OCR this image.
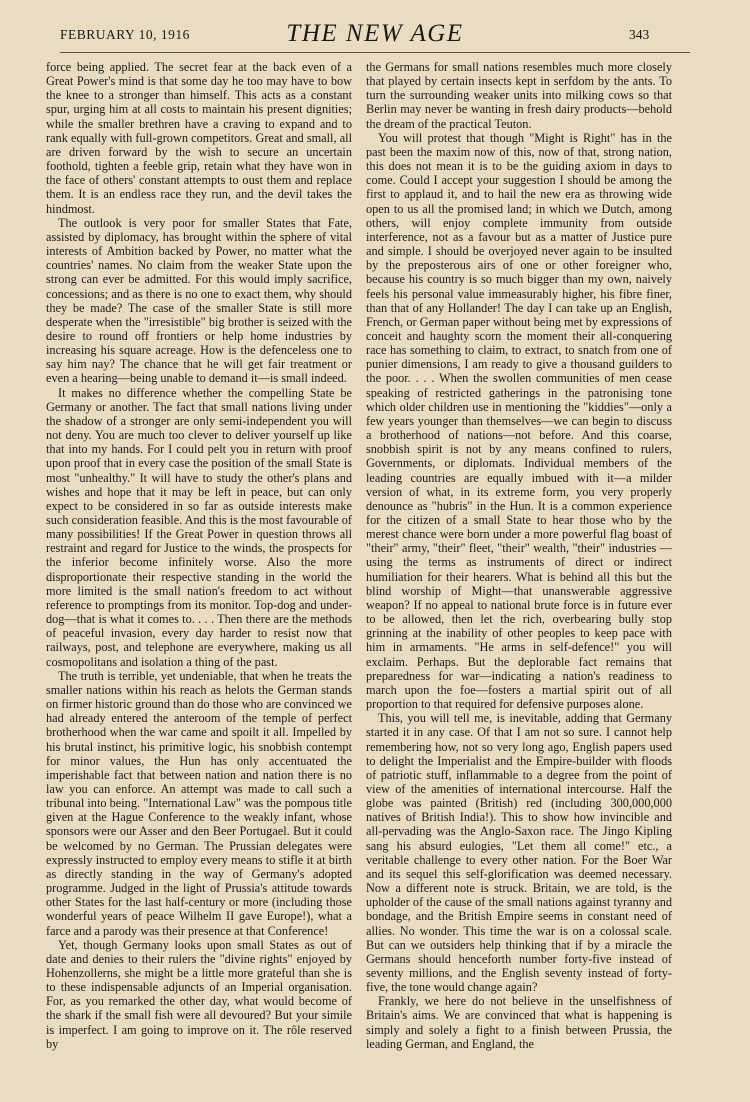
FEBRUARY 10, 1916	THE NEW AGE	343

force being applied. The secret fear at the back even of a Great Power's mind is that some day he too may have to bow the knee to a stronger than himself. This acts as a constant spur, urging him at all costs to maintain his present dignities; while the smaller brethren have a craving to expand and to rank equally with full-grown competitors. Great and small, all are driven forward by the wish to secure an uncertain foothold, tighten a feeble grip, retain what they have won in the face of others' constant attempts to oust them and replace them. It is an endless race they run, and the devil takes the hindmost.

The outlook is very poor for smaller States that Fate, assisted by diplomacy, has brought within the sphere of vital interests of Ambition backed by Power, no matter what the countries' names. No claim from the weaker State upon the strong can ever be admitted. For this would imply sacrifice, concessions; and as there is no one to exact them, why should they be made? The case of the smaller State is still more desperate when the "irresistible" big brother is seized with the desire to round off frontiers or help home industries by increasing his square acreage. How is the defenceless one to say him nay? The chance that he will get fair treatment or even a hearing—being unable to demand it—is small indeed.

It makes no difference whether the compelling State be Germany or another. The fact that small nations living under the shadow of a stronger are only semi-independent you will not deny. You are much too clever to deliver yourself up like that into my hands. For I could pelt you in return with proof upon proof that in every case the position of the small State is most "unhealthy." It will have to study the other's plans and wishes and hope that it may be left in peace, but can only expect to be considered in so far as outside interests make such consideration feasible. And this is the most favourable of many possibilities! If the Great Power in question throws all restraint and regard for Justice to the winds, the prospects for the inferior become infinitely worse. Also the more disproportionate their respective standing in the world the more limited is the small nation's freedom to act without reference to promptings from its monitor. Top-dog and under-dog—that is what it comes to. . . . Then there are the methods of peaceful invasion, every day harder to resist now that railways, post, and telephone are everywhere, making us all cosmopolitans and isolation a thing of the past.

The truth is terrible, yet undeniable, that when he treats the smaller nations within his reach as helots the German stands on firmer historic ground than do those who are convinced we had already entered the anteroom of the temple of perfect brotherhood when the war came and spoilt it all. Impelled by his brutal instinct, his primitive logic, his snobbish contempt for minor values, the Hun has only accentuated the imperishable fact that between nation and nation there is no law you can enforce. An attempt was made to call such a tribunal into being. "International Law" was the pompous title given at the Hague Conference to the weakly infant, whose sponsors were our Asser and den Beer Portugael. But it could be welcomed by no German. The Prussian delegates were expressly instructed to employ every means to stifle it at birth as directly standing in the way of Germany's adopted programme. Judged in the light of Prussia's attitude towards other States for the last half-century or more (including those wonderful years of peace Wilhelm II gave Europe!), what a farce and a parody was their presence at that Conference!

Yet, though Germany looks upon small States as out of date and denies to their rulers the "divine rights" enjoyed by Hohenzollerns, she might be a little more grateful than she is to these indispensable adjuncts of an Imperial organisation. For, as you remarked the other day, what would become of the shark if the small fish were all devoured? But your simile is imperfect. I am going to improve on it. The rôle reserved by

the Germans for small nations resembles much more closely that played by certain insects kept in serfdom by the ants. To turn the surrounding weaker units into milking cows so that Berlin may never be wanting in fresh dairy products—behold the dream of the practical Teuton.

You will protest that though "Might is Right" has in the past been the maxim now of this, now of that, strong nation, this does not mean it is to be the guiding axiom in days to come. Could I accept your suggestion I should be among the first to applaud it, and to hail the new era as throwing wide open to us all the promised land; in which we Dutch, among others, will enjoy complete immunity from outside interference, not as a favour but as a matter of Justice pure and simple. I should be overjoyed never again to be insulted by the preposterous airs of one or other foreigner who, because his country is so much bigger than my own, naively feels his personal value immeasurably higher, his fibre finer, than that of any Hollander! The day I can take up an English, French, or German paper without being met by expressions of conceit and haughty scorn the moment their all-conquering race has something to claim, to extract, to snatch from one of punier dimensions, I am ready to give a thousand guilders to the poor. . . . When the swollen communities of men cease speaking of restricted gatherings in the patronising tone which older children use in mentioning the "kiddies"—only a few years younger than themselves—we can begin to discuss a brotherhood of nations—not before. And this coarse, snobbish spirit is not by any means confined to rulers, Governments, or diplomats. Individual members of the leading countries are equally imbued with it—a milder version of what, in its extreme form, you very properly denounce as "hubris" in the Hun. It is a common experience for the citizen of a small State to hear those who by the merest chance were born under a more powerful flag boast of "their" army, "their" fleet, "their" wealth, "their" industries —using the terms as instruments of direct or indirect humiliation for their hearers. What is behind all this but the blind worship of Might—that unanswerable aggressive weapon? If no appeal to national brute force is in future ever to be allowed, then let the rich, overbearing bully stop grinning at the inability of other peoples to keep pace with him in armaments. "He arms in self-defence!" you will exclaim. Perhaps. But the deplorable fact remains that preparedness for war—indicating a nation's readiness to march upon the foe—fosters a martial spirit out of all proportion to that required for defensive purposes alone.

This, you will tell me, is inevitable, adding that Germany started it in any case. Of that I am not so sure. I cannot help remembering how, not so very long ago, English papers used to delight the Imperialist and the Empire-builder with floods of patriotic stuff, inflammable to a degree from the point of view of the amenities of international intercourse. Half the globe was painted (British) red (including 300,000,000 natives of British India!). This to show how invincible and all-pervading was the Anglo-Saxon race. The Jingo Kipling sang his absurd eulogies, "Let them all come!" etc., a veritable challenge to every other nation. For the Boer War and its sequel this self-glorification was deemed necessary. Now a different note is struck. Britain, we are told, is the upholder of the cause of the small nations against tyranny and bondage, and the British Empire seems in constant need of allies. No wonder. This time the war is on a colossal scale. But can we outsiders help thinking that if by a miracle the Germans should henceforth number forty-five instead of seventy millions, and the English seventy instead of forty-five, the tone would change again?

Frankly, we here do not believe in the unselfishness of Britain's aims. We are convinced that what is happening is simply and solely a fight to a finish between Prussia, the leading German, and England, the
